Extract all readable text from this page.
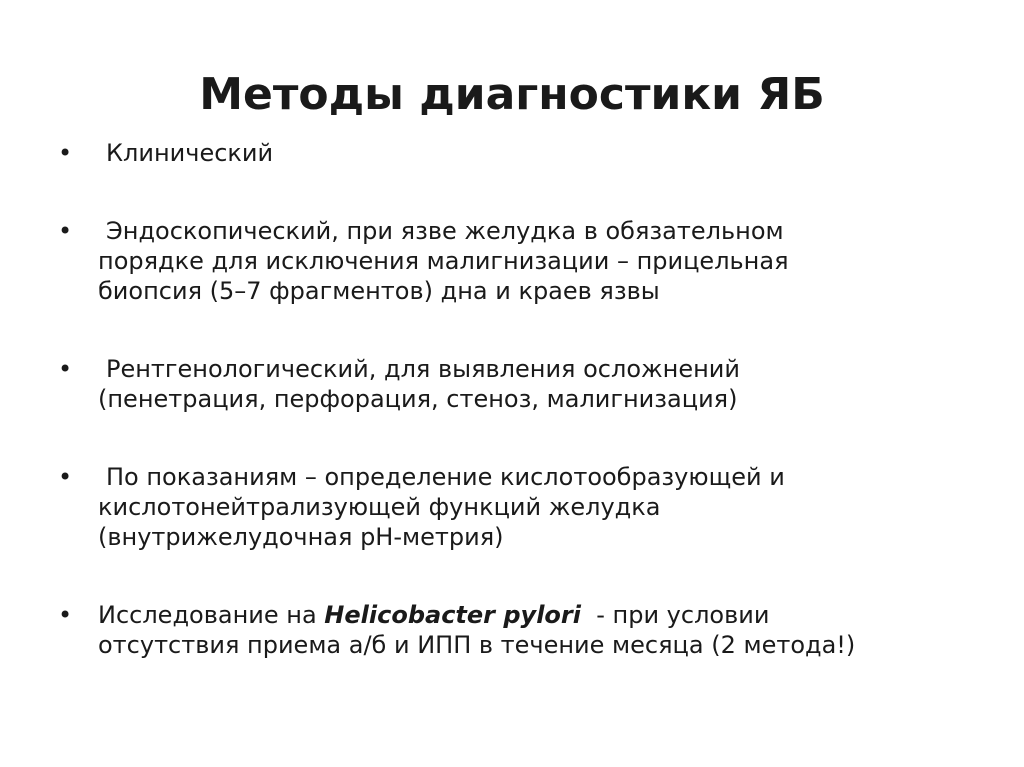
Методы диагностики ЯБ
•	Клинический
•	Эндоскопический, при язве желудка в обязательном
порядке для исключения малигнизации – прицельная
биопсия (5–7 фрагментов) дна и краев язвы
•	Рентгенологический, для выявления осложнений
(пенетрация, перфорация, стеноз, малигнизация)
•	По показаниям – определение кислотообразующей и
кислотонейтрализующей функций желудка
(внутрижелудочная рН-метрия)
• Исследование на Helicobacter pylori  - при условии
отсутствия приема а/б и ИПП в течение месяца (2 метода!)
